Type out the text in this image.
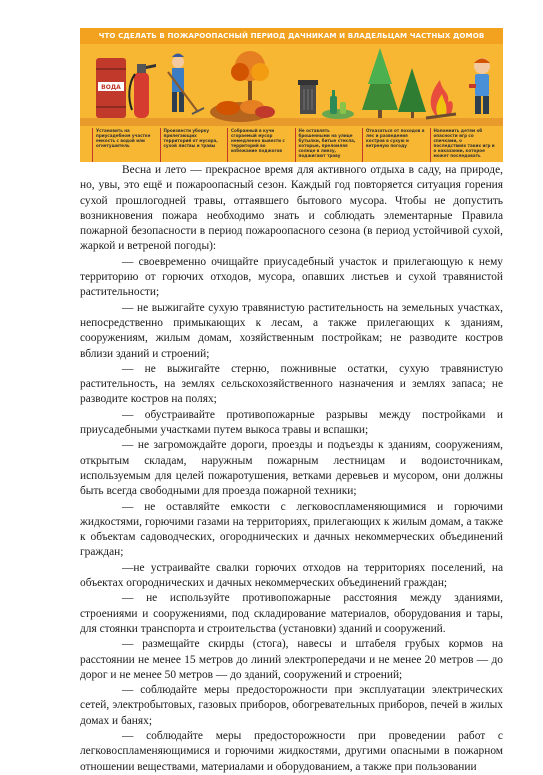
ЧТО СДЕЛАТЬ В ПОЖАРООПАСНЫЙ ПЕРИОД ДАЧНИКАМ И ВЛАДЕЛЬЦАМ ЧАСТНЫХ ДОМОВ
ВОДА
Установить на приусадебном участке емкость с водой или огнетушитель
Произвести уборку прилегающих территорий от мусора, сухой листвы и травы
Собранный в кучи сгораемый мусор немедленно вывезти с территорий во избежание поджогов
Не оставлять брошенными на улице бутылки, битые стекла, которые, преломляя солнце в линзу, поджигают траву
Отказаться от походов в лес и разведения костров в сухую и ветреную погоду
Напомнить детям об опасности игр со спичками, о последствиях таких игр и о наказании, которое может последовать

Весна и лето — прекрасное время для активного отдыха в саду, на природе, но, увы, это ещё и пожароопасный сезон. Каждый год повторяется ситуация горения сухой прошлогодней травы, оттаявшего бытового мусора. Чтобы не допустить возникновения пожара необходимо знать и соблюдать элементарные Правила пожарной безопасности в период пожароопасного сезона (в период устойчивой сухой, жаркой и ветреной погоды):

— своевременно очищайте приусадебный участок и прилегающую к нему территорию от горючих отходов, мусора, опавших листьев и сухой травянистой растительности;

— не выжигайте сухую травянистую растительность на земельных участках, непосредственно примыкающих к лесам, а также прилегающих к зданиям, сооружениям, жилым домам, хозяйственным постройкам; не разводите костров вблизи зданий и строений;

— не выжигайте стерню, пожнивные остатки, сухую травянистую растительность, на землях сельскохозяйственного назначения и землях запаса; не разводите костров на полях;

— обустраивайте противопожарные разрывы между постройками и приусадебными участками путем выкоса травы и вспашки;

— не загромождайте дороги, проезды и подъезды к зданиям, сооружениям, открытым складам, наружным пожарным лестницам и водоисточникам, используемым для целей пожаротушения, ветками деревьев и мусором, они должны быть всегда свободными для проезда пожарной техники;

— не оставляйте емкости с легковоспламеняющимися и горючими жидкостями, горючими газами на территориях, прилегающих к жилым домам, а также к объектам садоводческих, огороднических и дачных некоммерческих объединений граждан;

—не устраивайте свалки горючих отходов на территориях поселений, на объектах огороднических и дачных некоммерческих объединений граждан;

— не используйте противопожарные расстояния между зданиями, строениями и сооружениями, под складирование материалов, оборудования и тары, для стоянки транспорта и строительства (установки) зданий и сооружений.

— размещайте скирды (стога), навесы и штабеля грубых кормов на расстоянии не менее 15 метров до линий электропередачи и не менее 20 метров — до дорог и не менее 50 метров — до зданий, сооружений и строений;

— соблюдайте меры предосторожности при эксплуатации электрических сетей, электробытовых, газовых приборов, обогревательных приборов, печей в жилых домах и банях;

— соблюдайте меры предосторожности при проведении работ с легковоспламеняющимися и горючими жидкостями, другими опасными в пожарном отношении веществами, материалами и оборудованием, а также при пользовании
